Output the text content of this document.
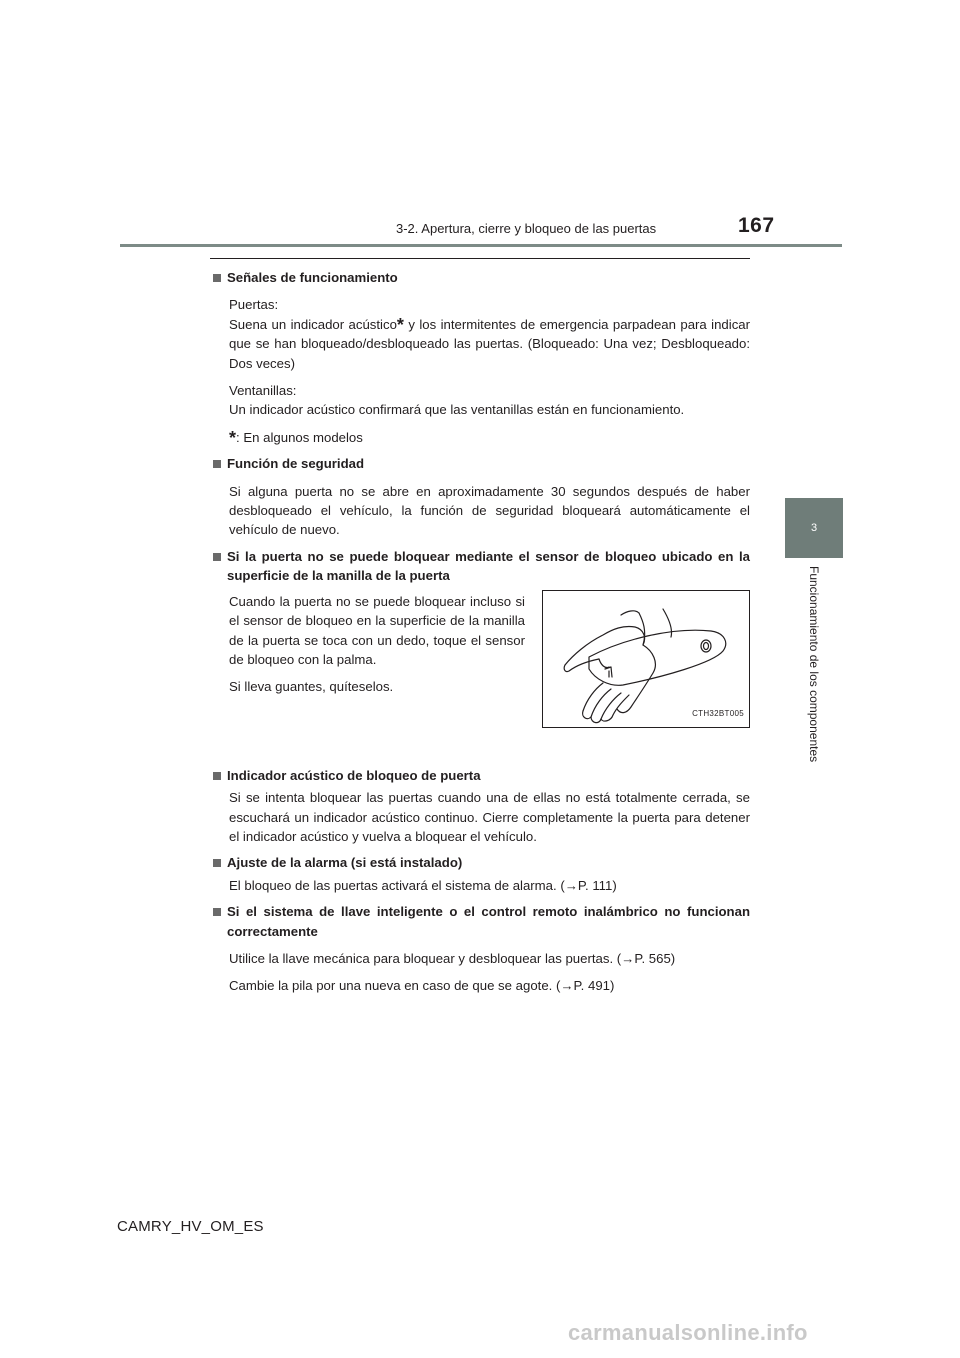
3-2. Apertura, cierre y bloqueo de las puertas	167
3
Funcionamiento de los componentes

Señales de funcionamiento

Puertas:
Suena un indicador acústico* y los intermitentes de emergencia parpadean para indicar que se han bloqueado/desbloqueado las puertas. (Bloqueado: Una vez; Desbloqueado: Dos veces)

Ventanillas:
Un indicador acústico confirmará que las ventanillas están en funcionamiento.

*: En algunos modelos

Función de seguridad

Si alguna puerta no se abre en aproximadamente 30 segundos después de haber desbloqueado el vehículo, la función de seguridad bloqueará automáticamente el vehículo de nuevo.

Si la puerta no se puede bloquear mediante el sensor de bloqueo ubicado en la superficie de la manilla de la puerta

Cuando la puerta no se puede bloquear incluso si el sensor de bloqueo en la superficie de la manilla de la puerta se toca con un dedo, toque el sensor de bloqueo con la palma.

Si lleva guantes, quíteselos.

CTH32BT005

Indicador acústico de bloqueo de puerta

Si se intenta bloquear las puertas cuando una de ellas no está totalmente cerrada, se escuchará un indicador acústico continuo. Cierre completamente la puerta para detener el indicador acústico y vuelva a bloquear el vehículo.

Ajuste de la alarma (si está instalado)

El bloqueo de las puertas activará el sistema de alarma. (→P. 111)

Si el sistema de llave inteligente o el control remoto inalámbrico no funcionan correctamente

Utilice la llave mecánica para bloquear y desbloquear las puertas. (→P. 565)

Cambie la pila por una nueva en caso de que se agote. (→P. 491)

CAMRY_HV_OM_ES
carmanualsonline.info
